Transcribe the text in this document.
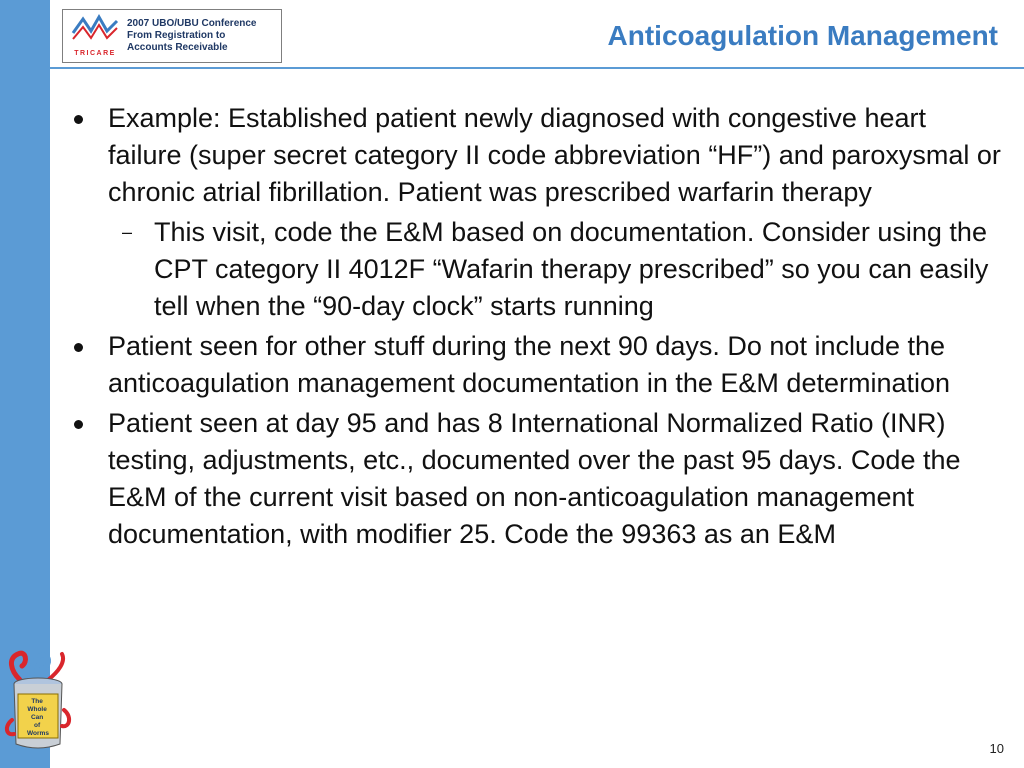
TRICARE
2007 UBO/UBU Conference
From Registration to
Accounts Receivable	Anticoagulation Management
Example: Established patient newly diagnosed with congestive heart failure (super secret category II code abbreviation “HF”) and paroxysmal or chronic atrial fibrillation. Patient was prescribed warfarin therapy
– This visit, code the E&M based on documentation. Consider using the CPT category II 4012F “Wafarin therapy prescribed” so you can easily tell when the “90-day clock” starts running
Patient seen for other stuff during the next 90 days. Do not include the anticoagulation management documentation in the E&M determination
Patient seen at day 95 and has 8 International Normalized Ratio (INR) testing, adjustments, etc., documented over the past 95 days. Code the E&M of the current visit based on non-anticoagulation management documentation, with modifier 25. Code the 99363 as an E&M
The Whole Can of Worms
10
